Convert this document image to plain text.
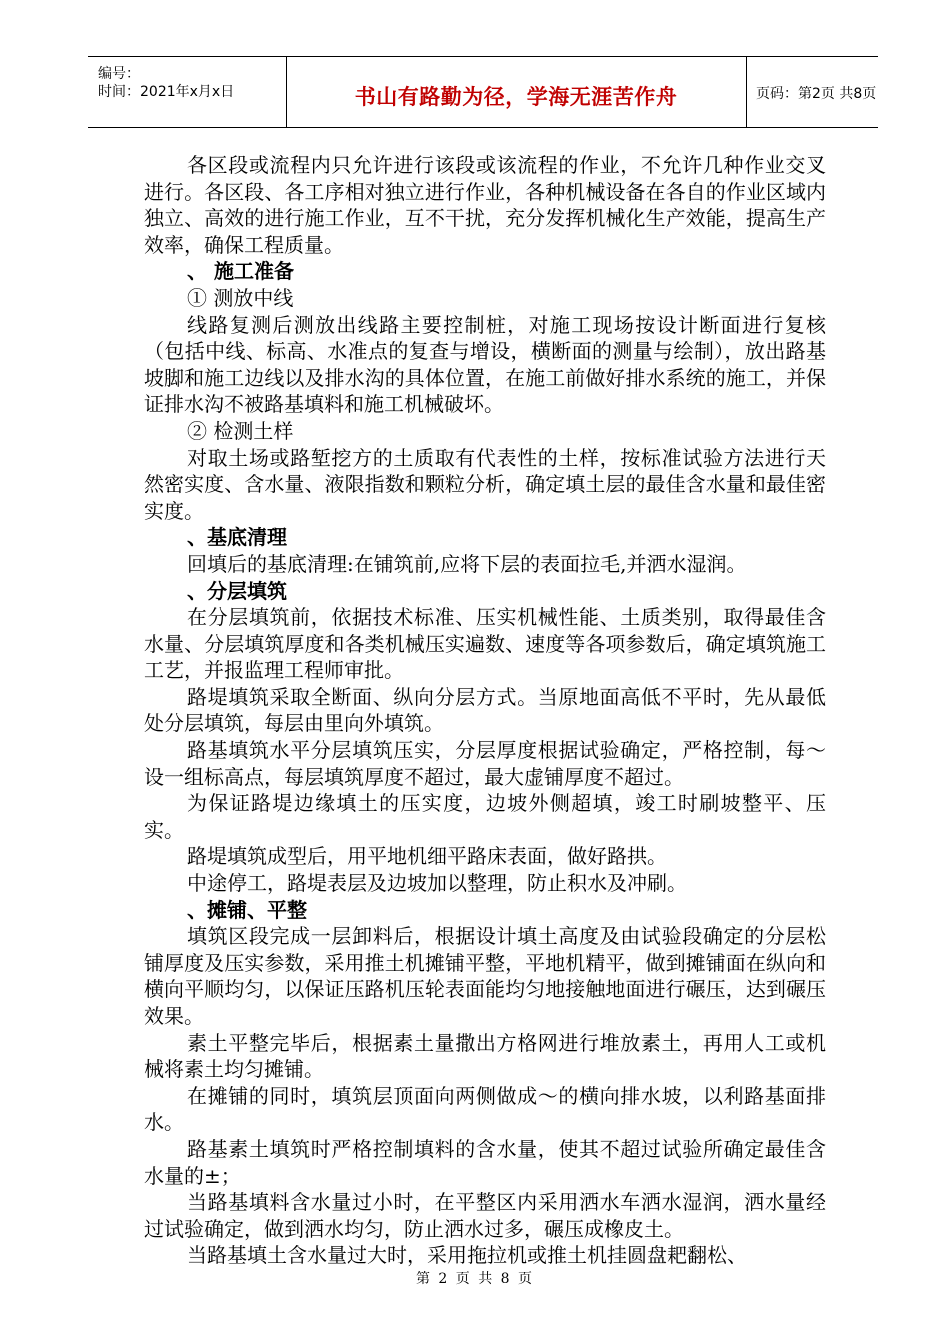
编号：
时间：2021年x月x日	书山有路勤为径，学海无涯苦作舟	页码：第2页 共8页

各区段或流程内只允许进行该段或该流程的作业，不允许几种作业交叉进行。各区段、各工序相对独立进行作业，各种机械设备在各自的作业区域内独立、高效的进行施工作业，互不干扰，充分发挥机械化生产效能，提高生产效率，确保工程质量。

、 施工准备

① 测放中线

线路复测后测放出线路主要控制桩，对施工现场按设计断面进行复核（包括中线、标高、水准点的复查与增设，横断面的测量与绘制），放出路基坡脚和施工边线以及排水沟的具体位置，在施工前做好排水系统的施工，并保证排水沟不被路基填料和施工机械破坏。

② 检测土样

对取土场或路堑挖方的土质取有代表性的土样，按标准试验方法进行天然密实度、含水量、液限指数和颗粒分析，确定填土层的最佳含水量和最佳密实度。

、基底清理

回填后的基底清理:在铺筑前,应将下层的表面拉毛,并洒水湿润。

、分层填筑

在分层填筑前，依据技术标准、压实机械性能、土质类别，取得最佳含水量、分层填筑厚度和各类机械压实遍数、速度等各项参数后，确定填筑施工工艺，并报监理工程师审批。

路堤填筑采取全断面、纵向分层方式。当原地面高低不平时，先从最低处分层填筑，每层由里向外填筑。

路基填筑水平分层填筑压实，分层厚度根据试验确定，严格控制，每～设一组标高点，每层填筑厚度不超过，最大虚铺厚度不超过。

为保证路堤边缘填土的压实度，边坡外侧超填，竣工时刷坡整平、压实。

路堤填筑成型后，用平地机细平路床表面，做好路拱。

中途停工，路堤表层及边坡加以整理，防止积水及冲刷。

、摊铺、平整

填筑区段完成一层卸料后，根据设计填土高度及由试验段确定的分层松铺厚度及压实参数，采用推土机摊铺平整，平地机精平，做到摊铺面在纵向和横向平顺均匀，以保证压路机压轮表面能均匀地接触地面进行碾压，达到碾压效果。

素土平整完毕后，根据素土量撒出方格网进行堆放素土，再用人工或机械将素土均匀摊铺。

在摊铺的同时，填筑层顶面向两侧做成～的横向排水坡，以利路基面排水。

路基素土填筑时严格控制填料的含水量，使其不超过试验所确定最佳含水量的±；

当路基填料含水量过小时，在平整区内采用洒水车洒水湿润，洒水量经过试验确定，做到洒水均匀，防止洒水过多，碾压成橡皮土。

当路基填土含水量过大时，采用拖拉机或推土机挂圆盘耙翻松、

第 2 页 共 8 页
